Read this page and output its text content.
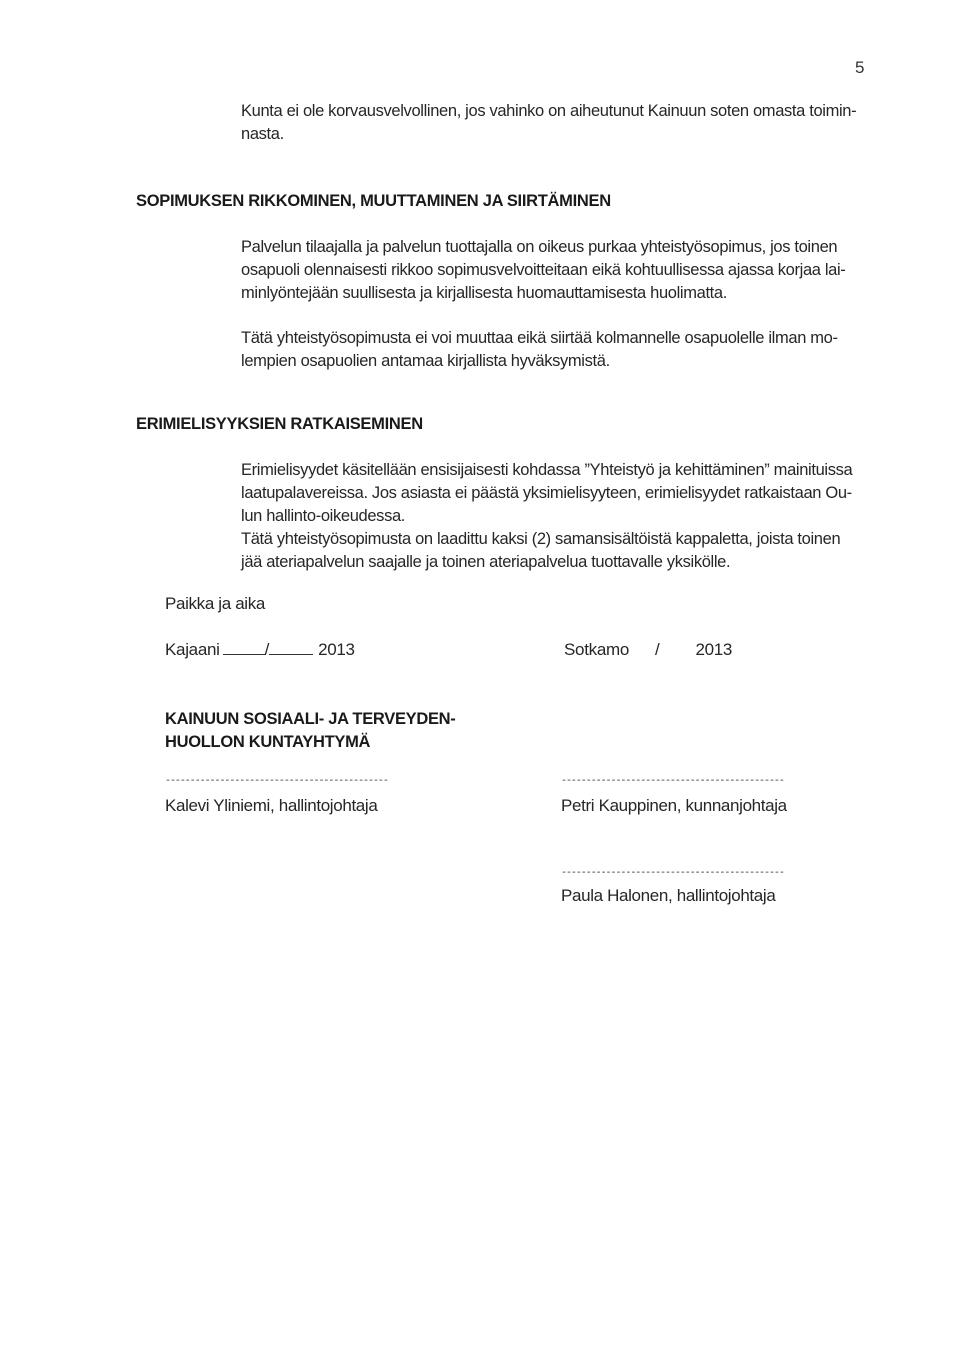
5
Kunta ei ole korvausvelvollinen, jos vahinko on aiheutunut Kainuun soten omasta toimin-
nasta.
SOPIMUKSEN RIKKOMINEN, MUUTTAMINEN JA SIIRTÄMINEN
Palvelun tilaajalla ja palvelun tuottajalla on oikeus purkaa yhteistyösopimus, jos toinen
osapuoli olennaisesti rikkoo sopimusvelvoitteitaan eikä kohtuullisessa ajassa korjaa lai-
minlyöntejään suullisesta ja kirjallisesta huomauttamisesta huolimatta.
Tätä yhteistyösopimusta ei voi muuttaa eikä siirtää kolmannelle osapuolelle ilman mo-
lempien osapuolien antamaa kirjallista hyväksymistä.
ERIMIELISYYKSIEN RATKAISEMINEN
Erimielisyydet käsitellään ensisijaisesti kohdassa ”Yhteistyö ja kehittäminen” mainituissa
laatupalavereissa. Jos asiasta ei päästä yksimielisyyteen, erimielisyydet ratkaistaan Ou-
lun hallinto-oikeudessa.
Tätä yhteistyösopimusta on laadittu kaksi (2) samansisältöistä kappaletta, joista toinen
jää ateriapalvelun saajalle ja toinen ateriapalvelua tuottavalle yksikölle.
Paikka ja aika
Kajaani	/	2013	Sotkamo / 2013
KAINUUN SOSIAALI- JA TERVEYDEN-
HUOLLON KUNTAYHTYMÄ
---------------------------------------------
Kalevi Yliniemi, hallintojohtaja
---------------------------------------------
Petri Kauppinen, kunnanjohtaja
---------------------------------------------
Paula Halonen, hallintojohtaja
